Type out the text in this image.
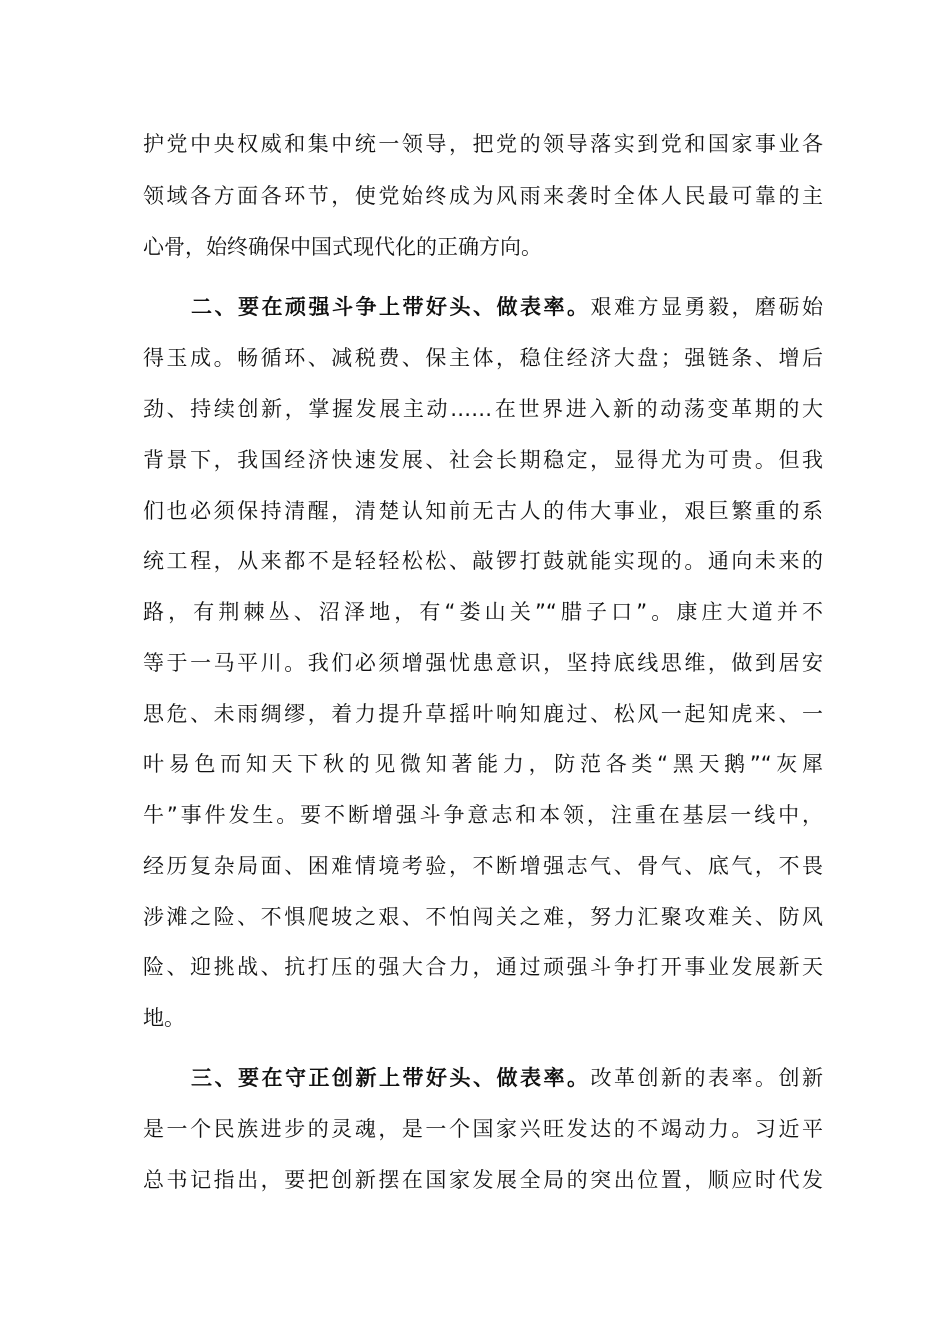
护党中央权威和集中统一领导，把党的领导落实到党和国家事业各
领域各方面各环节，使党始终成为风雨来袭时全体人民最可靠的主
心骨，始终确保中国式现代化的正确方向。
二、要在顽强斗争上带好头、做表率。艰难方显勇毅，磨砺始
得玉成。畅循环、减税费、保主体，稳住经济大盘；强链条、增后
劲、持续创新，掌握发展主动……在世界进入新的动荡变革期的大
背景下，我国经济快速发展、社会长期稳定，显得尤为可贵。但我
们也必须保持清醒，清楚认知前无古人的伟大事业，艰巨繁重的系
统工程，从来都不是轻轻松松、敲锣打鼓就能实现的。通向未来的
路，有荆棘丛、沼泽地，有“娄山关”“腊子口”。康庄大道并不
等于一马平川。我们必须增强忧患意识，坚持底线思维，做到居安
思危、未雨绸缪，着力提升草摇叶响知鹿过、松风一起知虎来、一
叶易色而知天下秋的见微知著能力，防范各类“黑天鹅”“灰犀
牛”事件发生。要不断增强斗争意志和本领，注重在基层一线中，
经历复杂局面、困难情境考验，不断增强志气、骨气、底气，不畏
涉滩之险、不惧爬坡之艰、不怕闯关之难，努力汇聚攻难关、防风
险、迎挑战、抗打压的强大合力，通过顽强斗争打开事业发展新天
地。
三、要在守正创新上带好头、做表率。改革创新的表率。创新
是一个民族进步的灵魂，是一个国家兴旺发达的不竭动力。习近平
总书记指出，要把创新摆在国家发展全局的突出位置，顺应时代发
